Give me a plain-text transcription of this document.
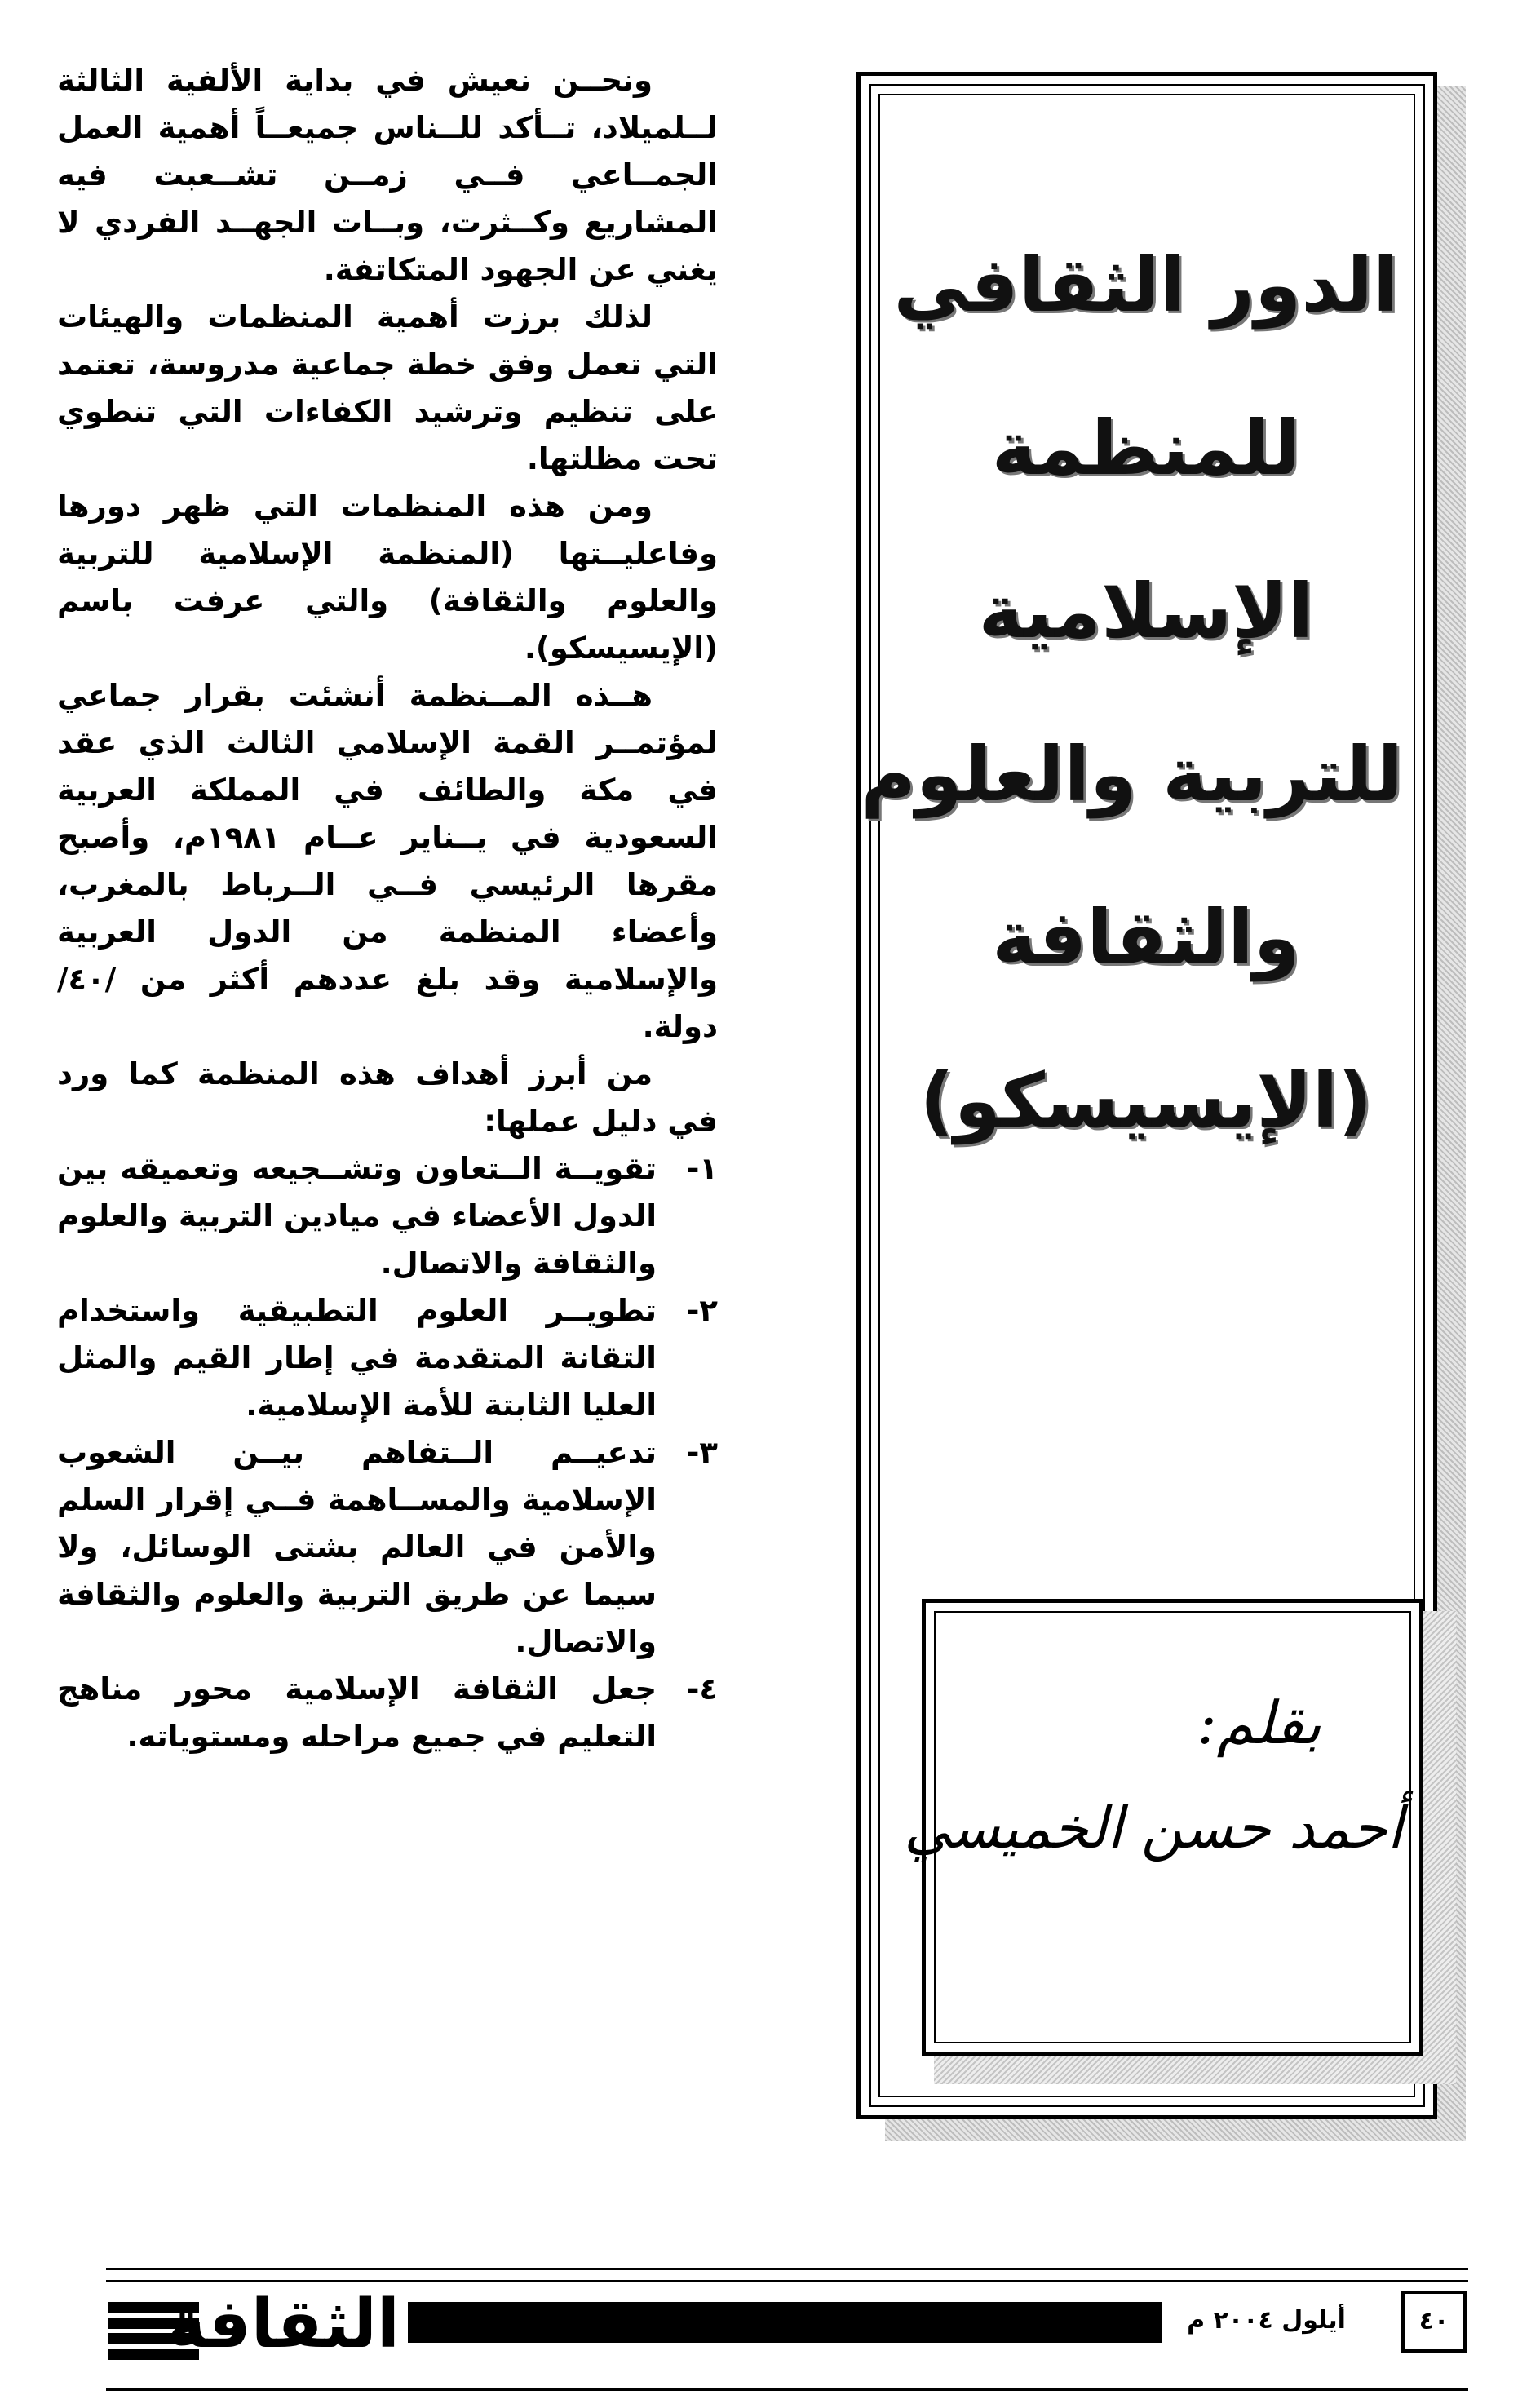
ونحــن نعيش في بداية الألفية الثالثة لــلميلاد، تــأكد للــناس جميعــاً أهمية العمل الجمــاعي فــي زمــن تشــعبت فيه المشاريع وكــثرت، وبــات الجهــد الفردي لا يغني عن الجهود المتكاتفة.

لذلك برزت أهمية المنظمات والهيئات التي تعمل وفق خطة جماعية مدروسة، تعتمد على تنظيم وترشيد الكفاءات التي تنطوي تحت مظلتها.

ومن هذه المنظمات التي ظهر دورها وفاعليــتها (المنظمة الإسلامية للتربية والعلوم والثقافة) والتي عرفت باسم (الإيسيسكو).

هــذه المــنظمة أنشئت بقرار جماعي لمؤتمــر القمة الإسلامي الثالث الذي عقد في مكة والطائف في المملكة العربية السعودية في يــناير عــام ١٩٨١م، وأصبح مقرها الرئيسي فــي الــرباط بالمغرب، وأعضاء المنظمة من الدول العربية والإسلامية وقد بلغ عددهم أكثر من /٤٠/ دولة.

من أبرز أهداف هذه المنظمة كما ورد في دليل عملها:

١-
تقويــة الــتعاون وتشــجيعه وتعميقه بين الدول الأعضاء في ميادين التربية والعلوم والثقافة والاتصال.
٢-
تطويــر العلوم التطبيقية واستخدام التقانة المتقدمة في إطار القيم والمثل العليا الثابتة للأمة الإسلامية.
٣-
تدعيــم الــتفاهم بيــن الشعوب الإسلامية والمســاهمة فــي إقرار السلم والأمن في العالم بشتى الوسائل، ولا سيما عن طريق التربية والعلوم والثقافة والاتصال.
٤-
جعل الثقافة الإسلامية محور مناهج التعليم في جميع مراحله ومستوياته.
الدور الثقافي
للمنظمة
الإسلامية
للتربية والعلوم
والثقافة
(الإيسيسكو)
بقلم:
أحمد حسن الخميسي
الثقافة	أيلول ٢٠٠٤ م	٤٠
